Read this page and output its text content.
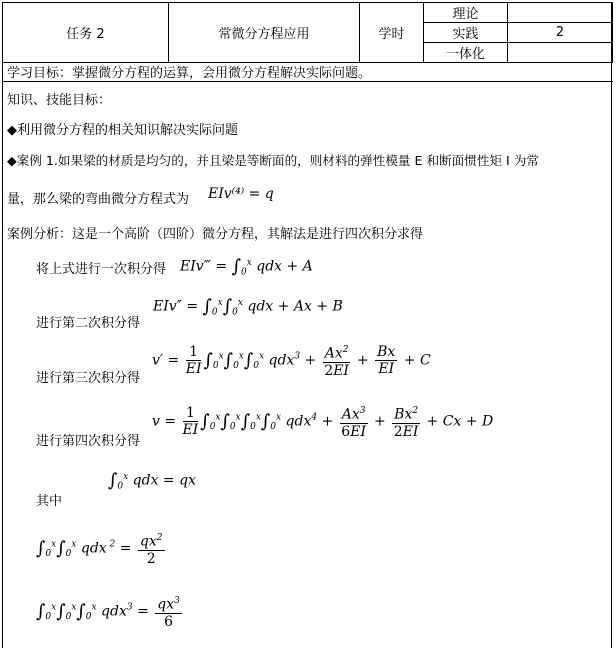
任务 2	常微分方程应用	学时	理论	
			实践	2
			一体化	
学习目标：掌握微分方程的运算，会用微分方程解决实际问题。
知识、技能目标：
◆利用微分方程的相关知识解决实际问题
◆案例 1.如果梁的材质是均匀的，并且梁是等断面的，则材料的弹性模量 E 和断面惯性矩 I 为常
量，那么梁的弯曲微分方程式为 EIv⁽⁴⁾ = q
案例分析：这是一个高阶（四阶）微分方程，其解法是进行四次积分求得
将上式进行一次积分得 EIv‴ = $\int_0^x$ qdx + A
进行第二次积分得
$EIv'' = \int_0^x\int_0^x$ qdx + Ax + B
进行第三次积分得
$v' = \frac{1}{EI} \int_0^x\int_0^x\int_0^x$ $qdx^3 + \frac{Ax^2}{2EI} + \frac{Bx}{EI} + C$
进行第四次积分得
$v = \frac{1}{EI} \int_0^x\int_0^x\int_0^x\int_0^x$ $qdx^4 + \frac{Ax^3}{6EI} + \frac{Bx^2}{2EI} + Cx + D$
$\int_0^x$ qdx = qx
其中
$\int_0^x\int_0^x$ qdx $^2 = \frac{qx^2}{2}$
$\int_0^x\int_0^x\int_0^x$ $qdx^3 = \frac{qx^3}{6}$
